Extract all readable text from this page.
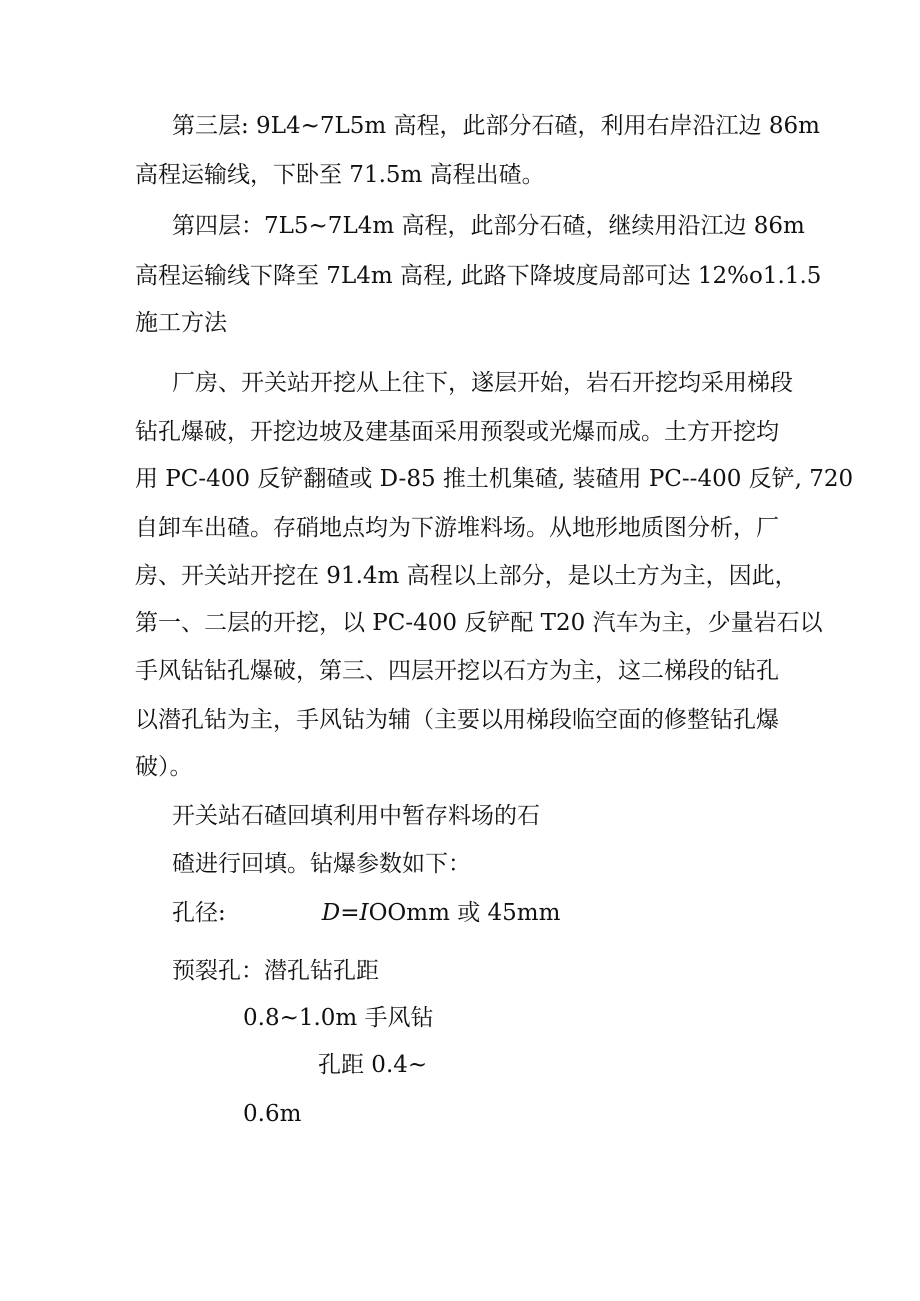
第三层: 9L4~7L5m 高程，此部分石碴，利用右岸沿江边 86m

高程运输线，下卧至 71.5m 高程出碴。

第四层：7L5~7L4m 高程，此部分石碴，继续用沿江边 86m

高程运输线下降至 7L4m 高程, 此路下降坡度局部可达 12%o1.1.5

施工方法

厂房、开关站开挖从上往下，遂层开始，岩石开挖均采用梯段

钻孔爆破，开挖边坡及建基面采用预裂或光爆而成。土方开挖均

用 PC-400 反铲翻碴或 D-85 推土机集碴, 装碴用 PC--400 反铲, 720

自卸车出碴。存硝地点均为下游堆料场。从地形地质图分析，厂

房、开关站开挖在 91.4m 高程以上部分，是以土方为主，因此，

第一、二层的开挖，以 PC-400 反铲配 T20 汽车为主，少量岩石以

手风钻钻孔爆破，第三、四层开挖以石方为主，这二梯段的钻孔

以潜孔钻为主，手风钻为辅（主要以用梯段临空面的修整钻孔爆

破）。

开关站石碴回填利用中暂存料场的石

碴进行回填。钻爆参数如下：

孔径:	D=IOOmm 或 45mm

预裂孔：潜孔钻孔距

0.8~1.0m 手风钻

孔距 0.4~

0.6m
